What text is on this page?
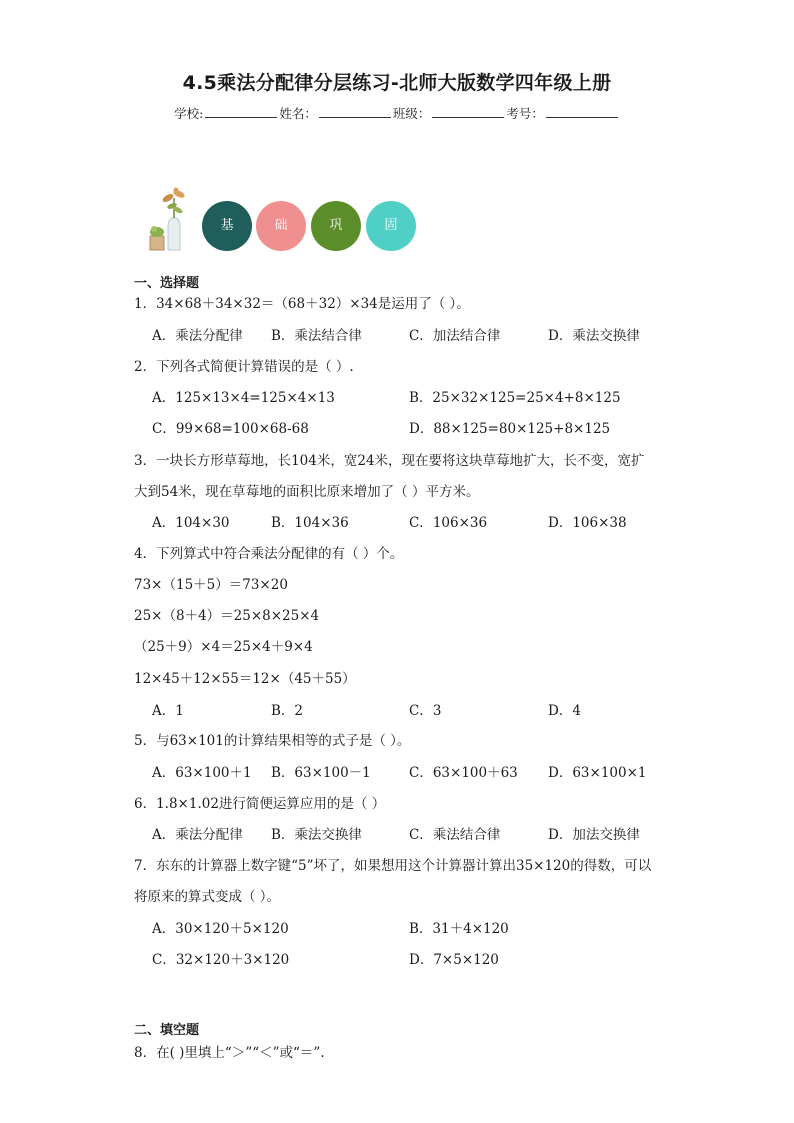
4.5乘法分配律分层练习-北师大版数学四年级上册
学校:	姓名：	班级：	考号：
基	础	巩	固
一、选择题
1．34×68＋34×32＝（68＋32）×34是运用了（ ）。
A．乘法分配律 B．乘法结合律	C．加法结合律	D．乘法交换律
2．下列各式简便计算错误的是（ ）.
A．125×13×4=125×4×13	B．25×32×125=25×4+8×125
C．99×68=100×68-68	D．88×125=80×125+8×125
3．一块长方形草莓地，长104米，宽24米，现在要将这块草莓地扩大，长不变，宽扩
大到54米，现在草莓地的面积比原来增加了（ ）平方米。
A．104×30	B．104×36	C．106×36	D．106×38
4．下列算式中符合乘法分配律的有（ ）个。
73×（15＋5）＝73×20
25×（8＋4）＝25×8×25×4
（25＋9）×4＝25×4＋9×4
12×45＋12×55＝12×（45＋55）
A．1	B．2	C．3	D．4
5．与63×101的计算结果相等的式子是（ ）。
A．63×100＋1 B．63×100－1	C．63×100＋63 D．63×100×1
6．1.8×1.02进行简便运算应用的是（ ）
A．乘法分配律 B．乘法交换律	C．乘法结合律	D．加法交换律
7．东东的计算器上数字键“5”坏了，如果想用这个计算器计算出35×120的得数，可以
将原来的算式变成（ ）。
A．30×120＋5×120	B．31＋4×120
C．32×120＋3×120	D．7×5×120
二、填空题
8．在( )里填上“＞”“＜”或“＝”.
